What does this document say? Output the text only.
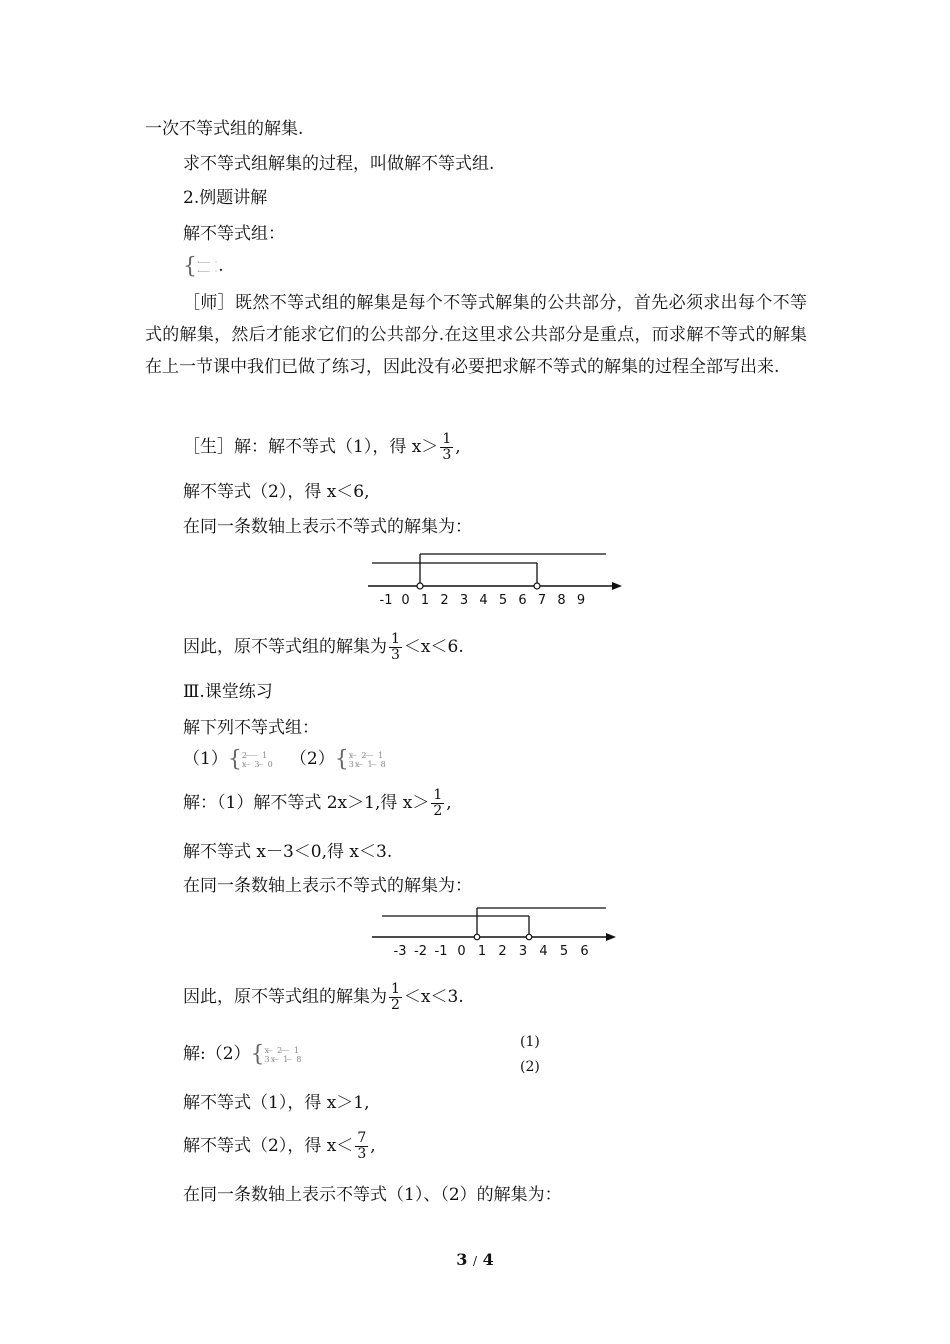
一次不等式组的解集.
求不等式组解集的过程，叫做解不等式组.
2.例题讲解
解不等式组：
{ · ̶ ̶ ̶ ·
· ̶ ̶ ̶ · .
［师］既然不等式组的解集是每个不等式解集的公共部分，首先必须求出每个不等式的解集，然后才能求它们的公共部分.在这里求公共部分是重点，而求解不等式的解集在上一节课中我们已做了练习，因此没有必要把求解不等式的解集的过程全部写出来.
［生］解：解不等式（1），得 $x> \frac{1}{3}$ ,
解不等式（2），得 x＜6,
在同一条数轴上表示不等式的解集为：
-1 0 1 2 3 4 5 6 7 8 9
因此，原不等式组的解集为 $\frac{1}{3} <x<6$.
Ⅲ.课堂练习
解下列不等式组：
（1）{ 2 ̶ ̶ ̶ 1
x ̶ 3 ̶ 0 （2）{ x ̶ 2 ̶ ̶ 1
3x ̶ 1 ̶ 8
解：（1）解不等式 2x＞1,得 $x> \frac{1}{2}$ ,
解不等式 x－3＜0,得 x＜3.
在同一条数轴上表示不等式的解集为：
-3 -2 -1 0 1 2 3 4 5 6
因此，原不等式组的解集为 $\frac{1}{2} <x<3$.
解:（2）{ x ̶ 2 ̶ ̶ 1
3x ̶ 1 ̶ 8
(1)
(2)
解不等式（1），得 x＞1,
解不等式（2），得 $x< \frac{7}{3}$ ,
在同一条数轴上表示不等式（1）、（2）的解集为：
3 / 4
